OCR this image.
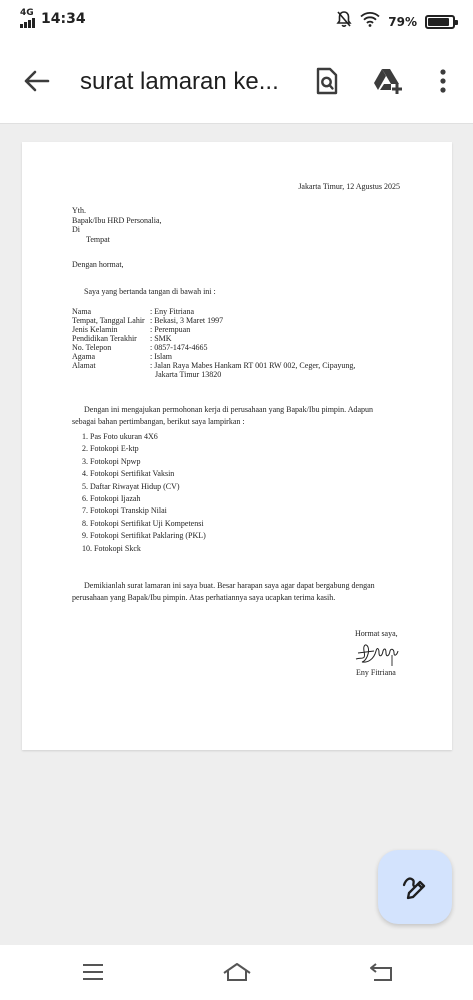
4G 14:34	79%
surat lamaran ke...
Jakarta Timur, 12 Agustus 2025
Yth.
Bapak/Ibu HRD Personalia,
Di
Tempat
Dengan hormat,
Saya yang bertanda tangan di bawah ini :
Nama	: Eny Fitriana
Tempat, Tanggal Lahir	: Bekasi, 3 Maret 1997
Jenis Kelamin	: Perempuan
Pendidikan Terakhir	: SMK
No. Telepon	: 0857-1474-4665
Agama	: Islam
Alamat	: Jalan Raya Mabes Hankam RT 001 RW 002, Ceger, Cipayung,
	Jakarta Timur 13820
Dengan ini mengajukan permohonan kerja di perusahaan yang Bapak/Ibu pimpin. Adapun
sebagai bahan pertimbangan, berikut saya lampirkan :
1. Pas Foto ukuran 4X6
2. Fotokopi E-ktp
3. Fotokopi Npwp
4. Fotokopi Sertifikat Vaksin
5. Daftar Riwayat Hidup (CV)
6. Fotokopi Ijazah
7. Fotokopi Transkip Nilai
8. Fotokopi Sertifikat Uji Kompetensi
9. Fotokopi Sertifikat Paklaring (PKL)
10. Fotokopi Skck
Demikianlah surat lamaran ini saya buat. Besar harapan saya agar dapat bergabung dengan
perusahaan yang Bapak/Ibu pimpin. Atas perhatiannya saya ucapkan terima kasih.
Hormat saya,
Eny Fitriana
